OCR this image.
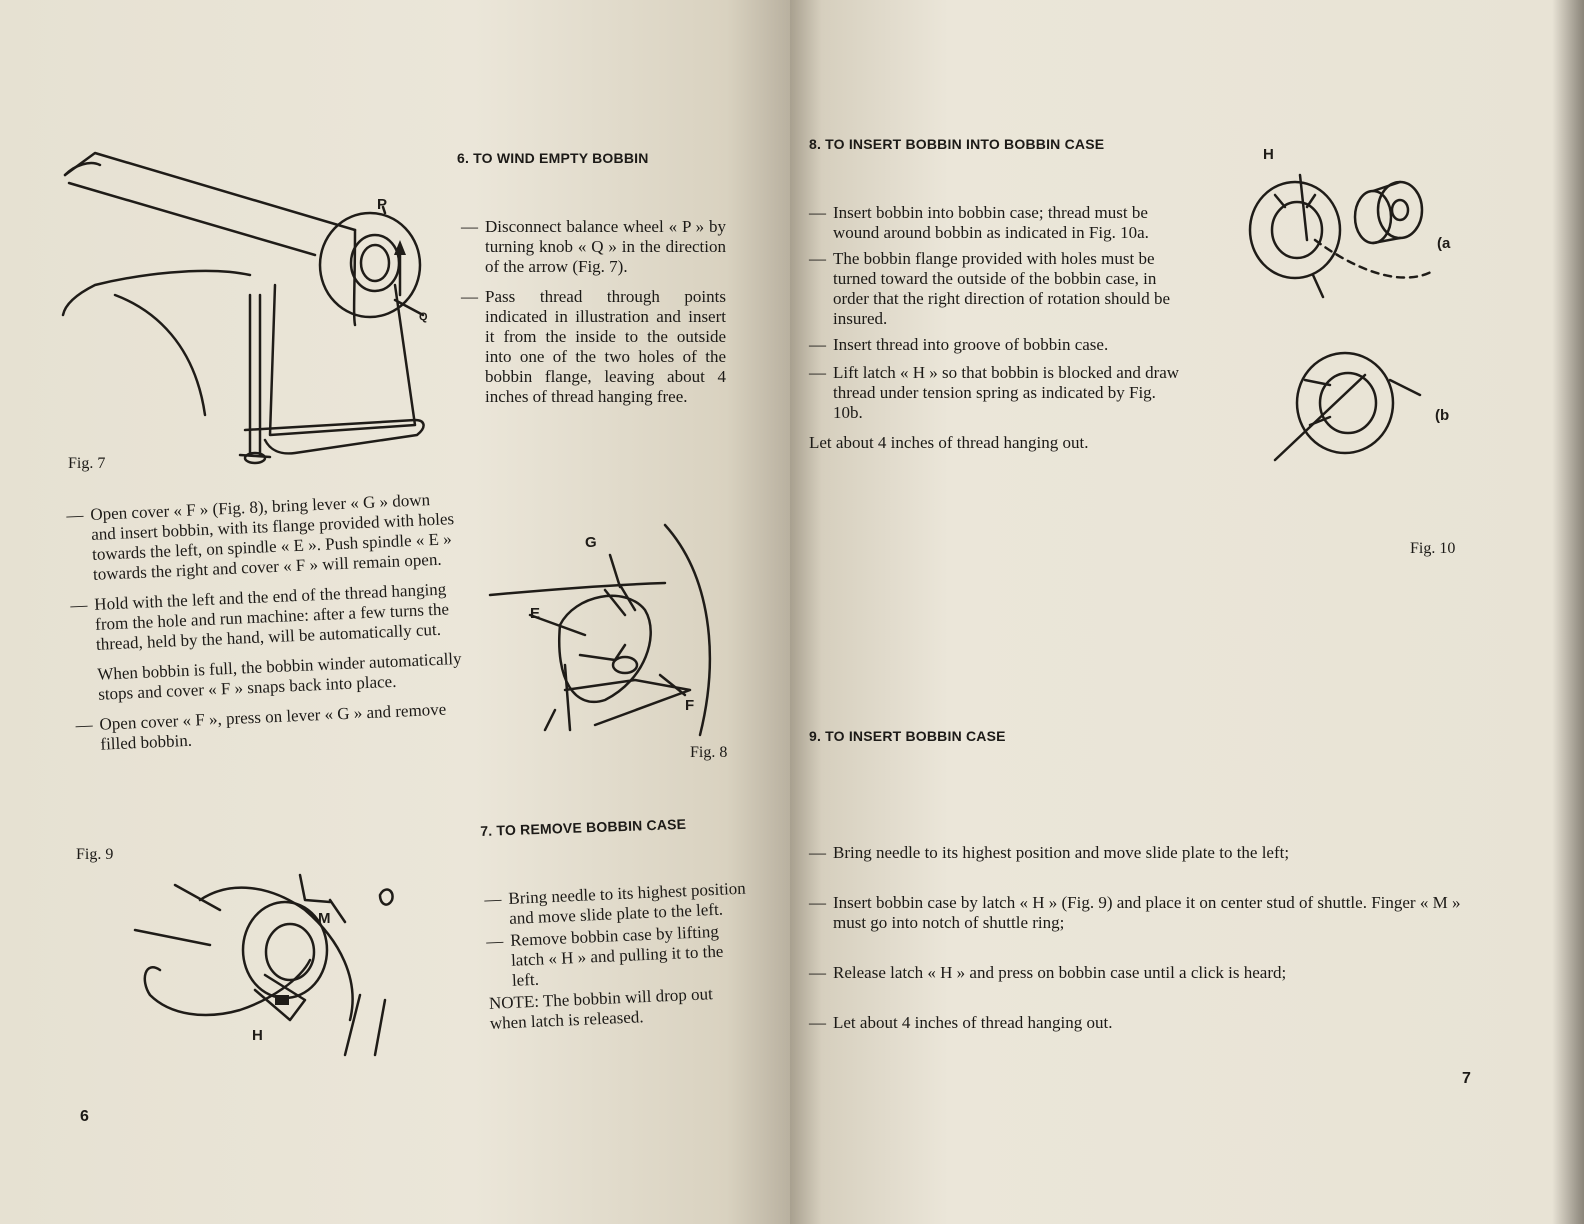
P
Q
Fig. 7
— Open cover « F » (Fig. 8), bring lever « G » down and insert bobbin, with its flange provided with holes towards the left, on spindle « E ». Push spindle « E » towards the right and cover « F » will remain open.
— Hold with the left and the end of the thread hanging from the hole and run machine: after a few turns the thread, held by the hand, will be automatically cut.
When bobbin is full, the bobbin winder automatically stops and cover « F » snaps back into place.
— Open cover « F », press on lever « G » and remove filled bobbin.
Fig. 9
M
H
6
6. TO WIND EMPTY BOBBIN
— Disconnect balance wheel « P » by turning knob « Q » in the direction of the arrow (Fig. 7).
— Pass thread through points indicated in illustration and insert it from the inside to the outside into one of the two holes of the bobbin flange, leaving about 4 inches of thread hanging free.
G
E
F
Fig. 8
7. TO REMOVE BOBBIN CASE
— Bring needle to its highest position and move slide plate to the left.
— Remove bobbin case by lifting latch « H » and pulling it to the left.

NOTE: The bobbin will drop out when latch is released.

8. TO INSERT BOBBIN INTO BOBBIN CASE
— Insert bobbin into bobbin case; thread must be wound around bobbin as indicated in Fig. 10a.
— The bobbin flange provided with holes must be turned toward the outside of the bobbin case, in order that the right direction of rotation should be insured.
— Insert thread into groove of bobbin case.
— Lift latch « H » so that bobbin is blocked and draw thread under tension spring as indicated by Fig. 10b.

Let about 4 inches of thread hanging out.

H
(a
(b
Fig. 10
9. TO INSERT BOBBIN CASE
— Bring needle to its highest position and move slide plate to the left;
— Insert bobbin case by latch « H » (Fig. 9) and place it on center stud of shuttle. Finger « M » must go into notch of shuttle ring;
— Release latch « H » and press on bobbin case until a click is heard;
— Let about 4 inches of thread hanging out.
7
